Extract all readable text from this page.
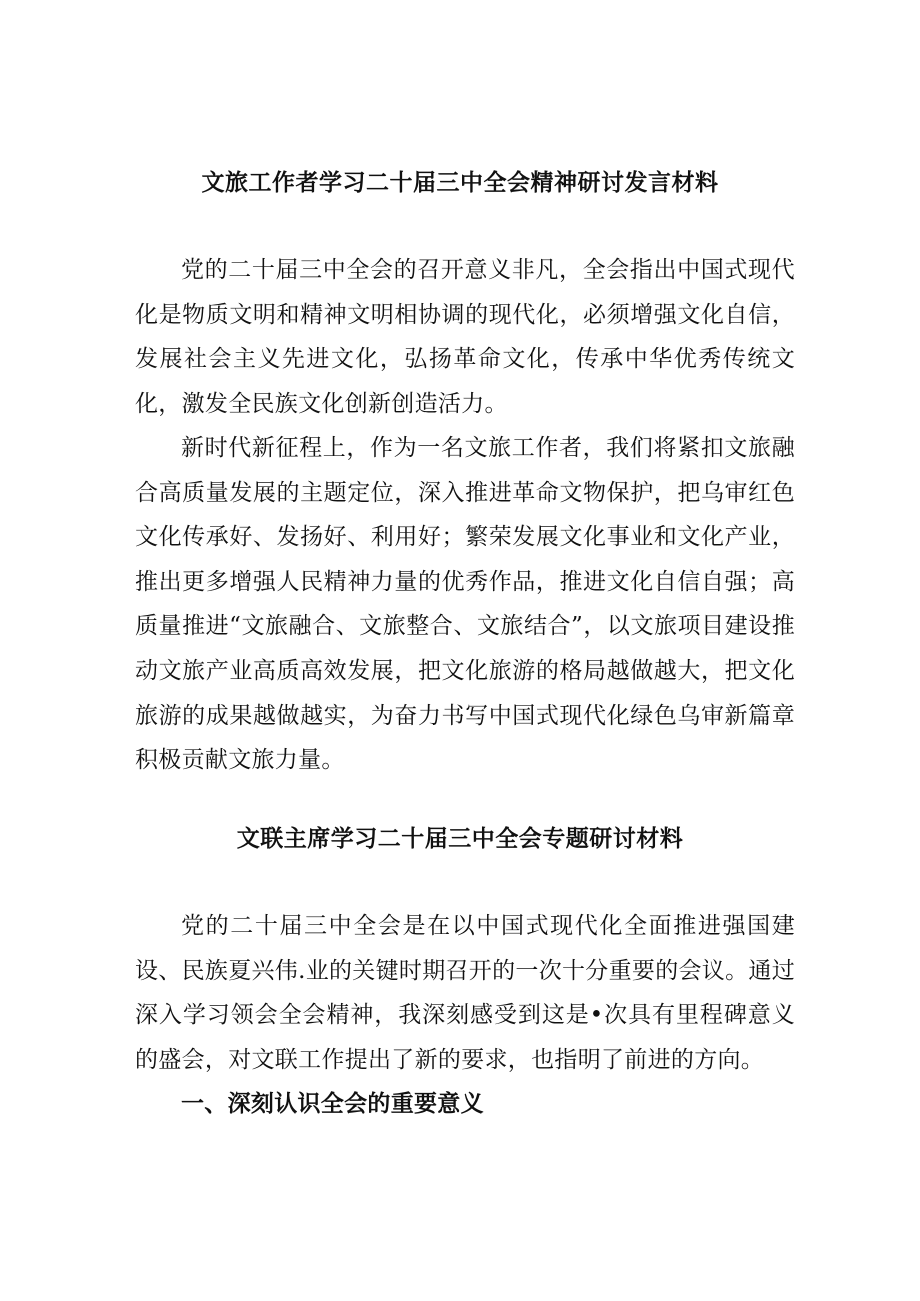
文旅工作者学习二十届三中全会精神研讨发言材料

党的二十届三中全会的召开意义非凡，全会指出中国式现代化是物质文明和精神文明相协调的现代化，必须增强文化自信，发展社会主义先进文化，弘扬革命文化，传承中华优秀传统文化，激发全民族文化创新创造活力。

新时代新征程上，作为一名文旅工作者，我们将紧扣文旅融合高质量发展的主题定位，深入推进革命文物保护，把乌审红色文化传承好、发扬好、利用好；繁荣发展文化事业和文化产业，推出更多增强人民精神力量的优秀作品，推进文化自信自强；高质量推进“文旅融合、文旅整合、文旅结合”，以文旅项目建设推动文旅产业高质高效发展，把文化旅游的格局越做越大，把文化旅游的成果越做越实，为奋力书写中国式现代化绿色乌审新篇章积极贡献文旅力量。

文联主席学习二十届三中全会专题研讨材料

党的二十届三中全会是在以中国式现代化全面推进强国建设、民族夏兴伟.业的关键时期召开的一次十分重要的会议。通过深入学习领会全会精神，我深刻感受到这是•次具有里程碑意义的盛会，对文联工作提出了新的要求，也指明了前进的方向。

一、深刻认识全会的重要意义
